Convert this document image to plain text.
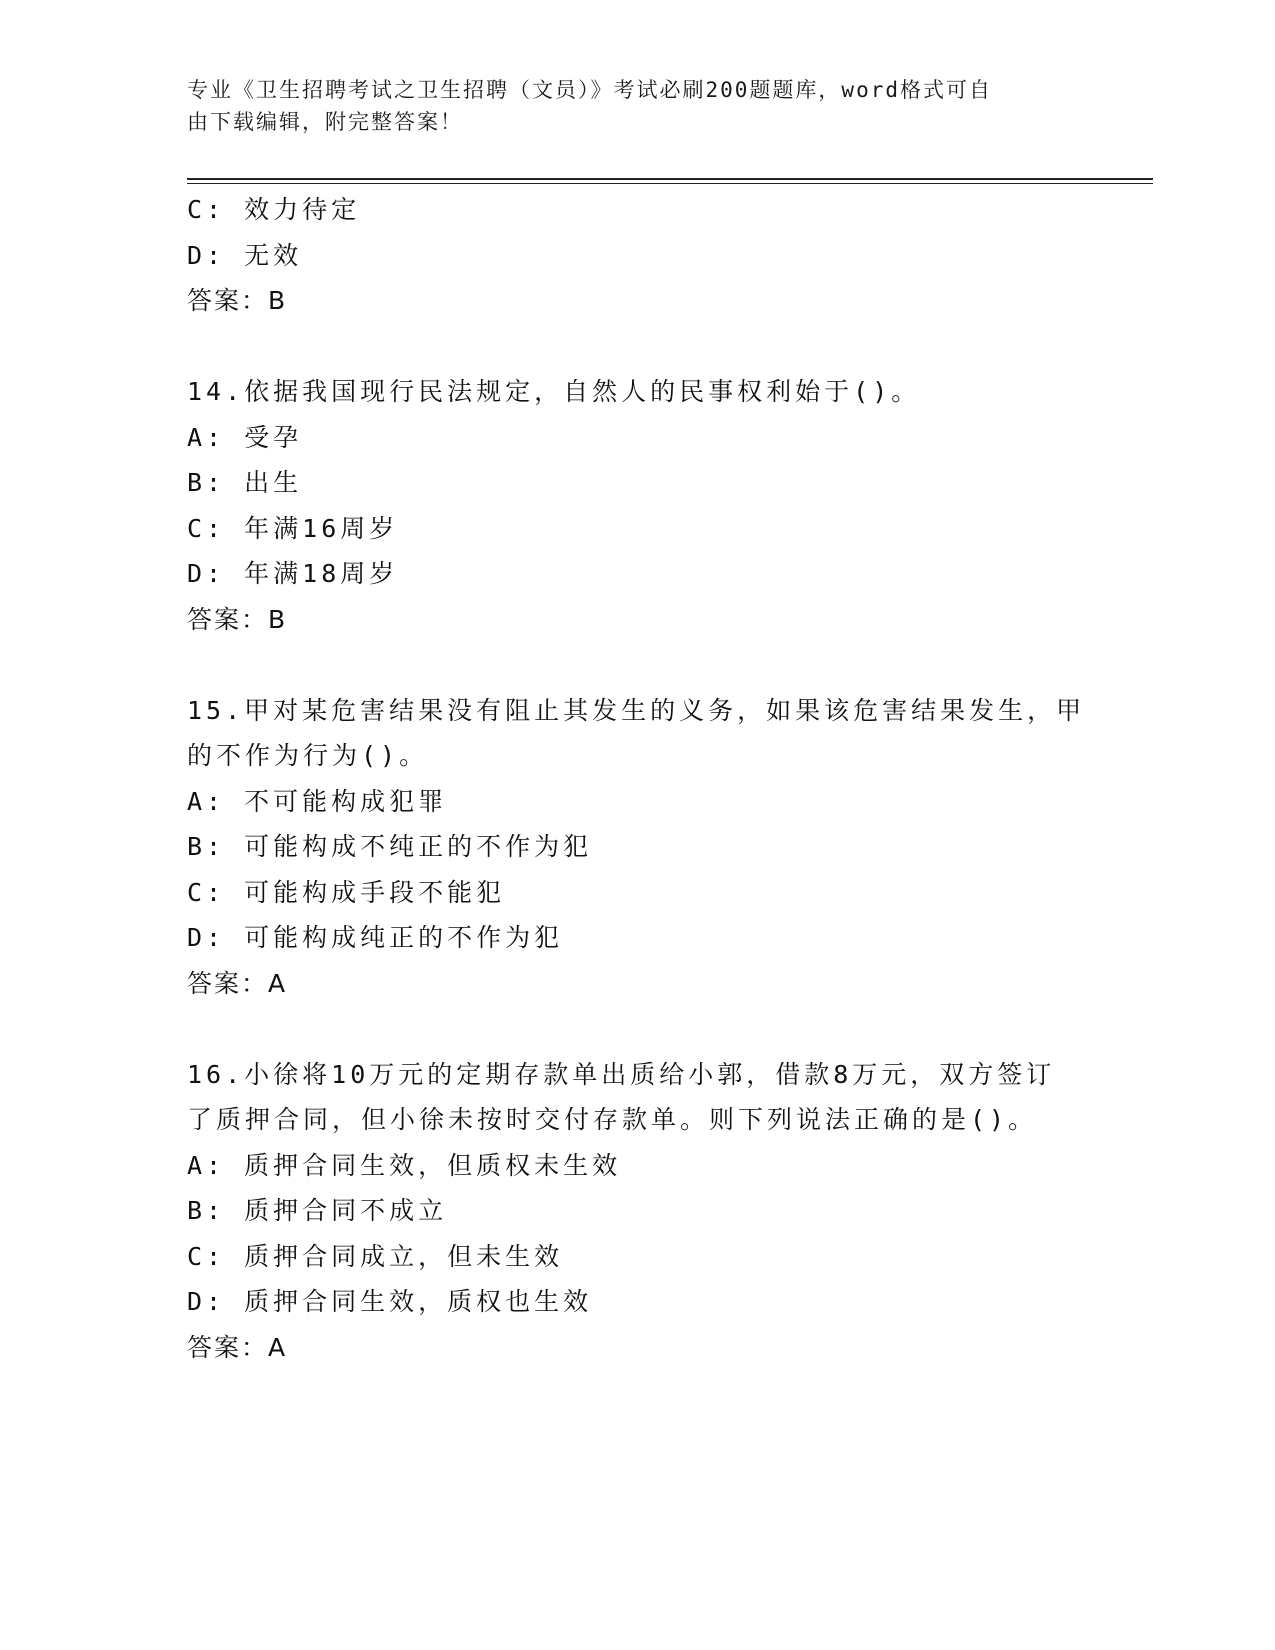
专业《卫生招聘考试之卫生招聘（文员）》考试必刷200题题库，word格式可自
由下载编辑，附完整答案！
C: 效力待定
D: 无效
答案：B
14.依据我国现行民法规定，自然人的民事权利始于()。
A: 受孕
B: 出生
C: 年满16周岁
D: 年满18周岁
答案：B
15.甲对某危害结果没有阻止其发生的义务，如果该危害结果发生，甲
的不作为行为()。
A: 不可能构成犯罪
B: 可能构成不纯正的不作为犯
C: 可能构成手段不能犯
D: 可能构成纯正的不作为犯
答案：A
16.小徐将10万元的定期存款单出质给小郭，借款8万元，双方签订
了质押合同，但小徐未按时交付存款单。则下列说法正确的是()。
A: 质押合同生效，但质权未生效
B: 质押合同不成立
C: 质押合同成立，但未生效
D: 质押合同生效，质权也生效
答案：A
